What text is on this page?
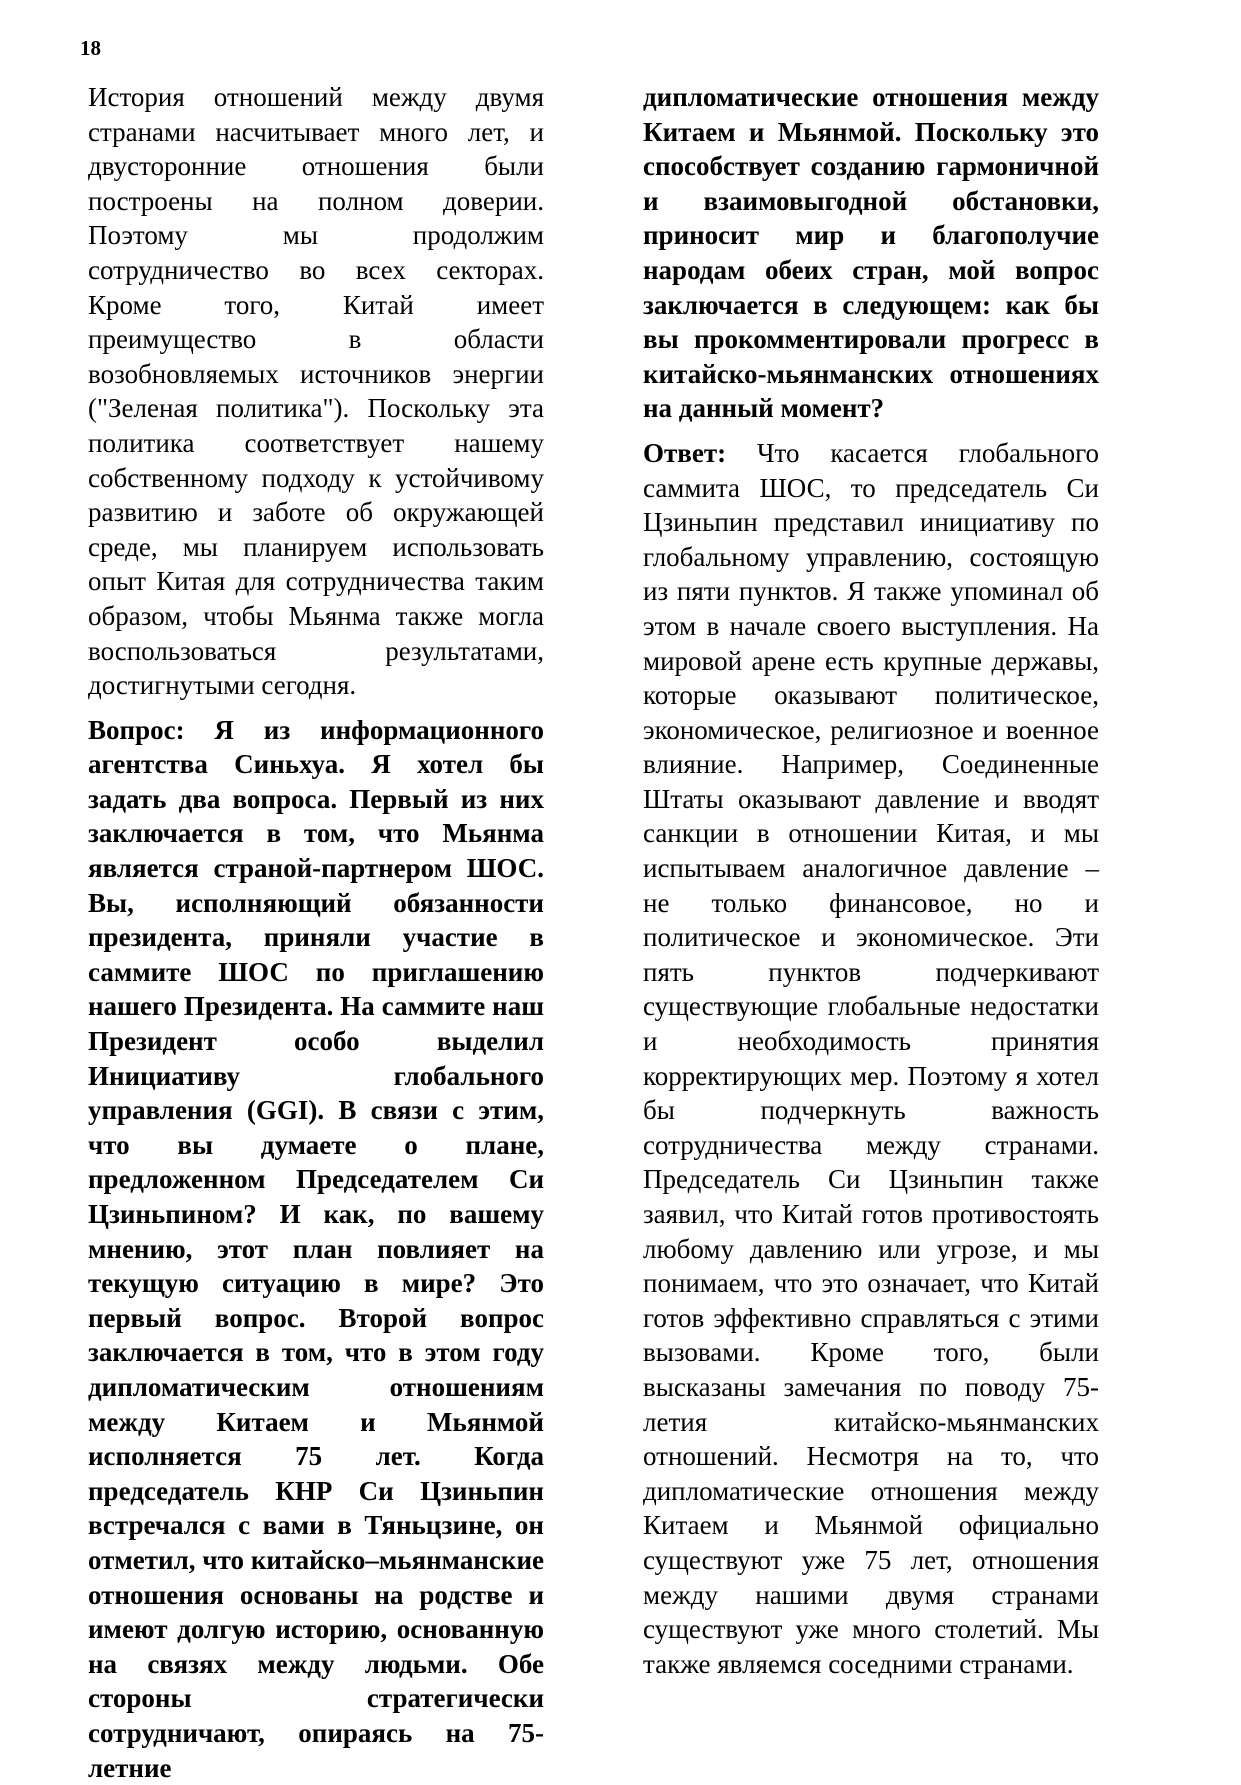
18

История отношений между двумя странами насчитывает много лет, и двусторонние отношения были построены на полном доверии. Поэтому мы продолжим сотрудничество во всех секторах. Кроме того, Китай имеет преимущество в области возобновляемых источников энергии ("Зеленая политика"). Поскольку эта политика соответствует нашему собственному подходу к устойчивому развитию и заботе об окружающей среде, мы планируем использовать опыт Китая для сотрудничества таким образом, чтобы Мьянма также могла воспользоваться результатами, достигнутыми сегодня.

Вопрос: Я из информационного агентства Синьхуа. Я хотел бы задать два вопроса. Первый из них заключается в том, что Мьянма является страной-партнером ШОС. Вы, исполняющий обязанности президента, приняли участие в саммите ШОС по приглашению нашего Президента. На саммите наш Президент особо выделил Инициативу глобального управления (GGI). В связи с этим, что вы думаете о плане, предложенном Председателем Си Цзиньпином? И как, по вашему мнению, этот план повлияет на текущую ситуацию в мире? Это первый вопрос. Второй вопрос заключается в том, что в этом году дипломатическим отношениям между Китаем и Мьянмой исполняется 75 лет. Когда председатель КНР Си Цзиньпин встречался с вами в Тяньцзине, он отметил, что китайско–мьянманские отношения основаны на родстве и имеют долгую историю, основанную на связях между людьми. Обе стороны стратегически сотрудничают, опираясь на 75-летние

дипломатические отношения между Китаем и Мьянмой. Поскольку это способствует созданию гармоничной и взаимовыгодной обстановки, приносит мир и благополучие народам обеих стран, мой вопрос заключается в следующем: как бы вы прокомментировали прогресс в китайско-мьянманских отношениях на данный момент?

Ответ: Что касается глобального саммита ШОС, то председатель Си Цзиньпин представил инициативу по глобальному управлению, состоящую из пяти пунктов. Я также упоминал об этом в начале своего выступления. На мировой арене есть крупные державы, которые оказывают политическое, экономическое, религиозное и военное влияние. Например, Соединенные Штаты оказывают давление и вводят санкции в отношении Китая, и мы испытываем аналогичное давление – не только финансовое, но и политическое и экономическое. Эти пять пунктов подчеркивают существующие глобальные недостатки и необходимость принятия корректирующих мер. Поэтому я хотел бы подчеркнуть важность сотрудничества между странами. Председатель Си Цзиньпин также заявил, что Китай готов противостоять любому давлению или угрозе, и мы понимаем, что это означает, что Китай готов эффективно справляться с этими вызовами. Кроме того, были высказаны замечания по поводу 75-летия китайско-мьянманских отношений. Несмотря на то, что дипломатические отношения между Китаем и Мьянмой официально существуют уже 75 лет, отношения между нашими двумя странами существуют уже много столетий. Мы также являемся соседними странами.
